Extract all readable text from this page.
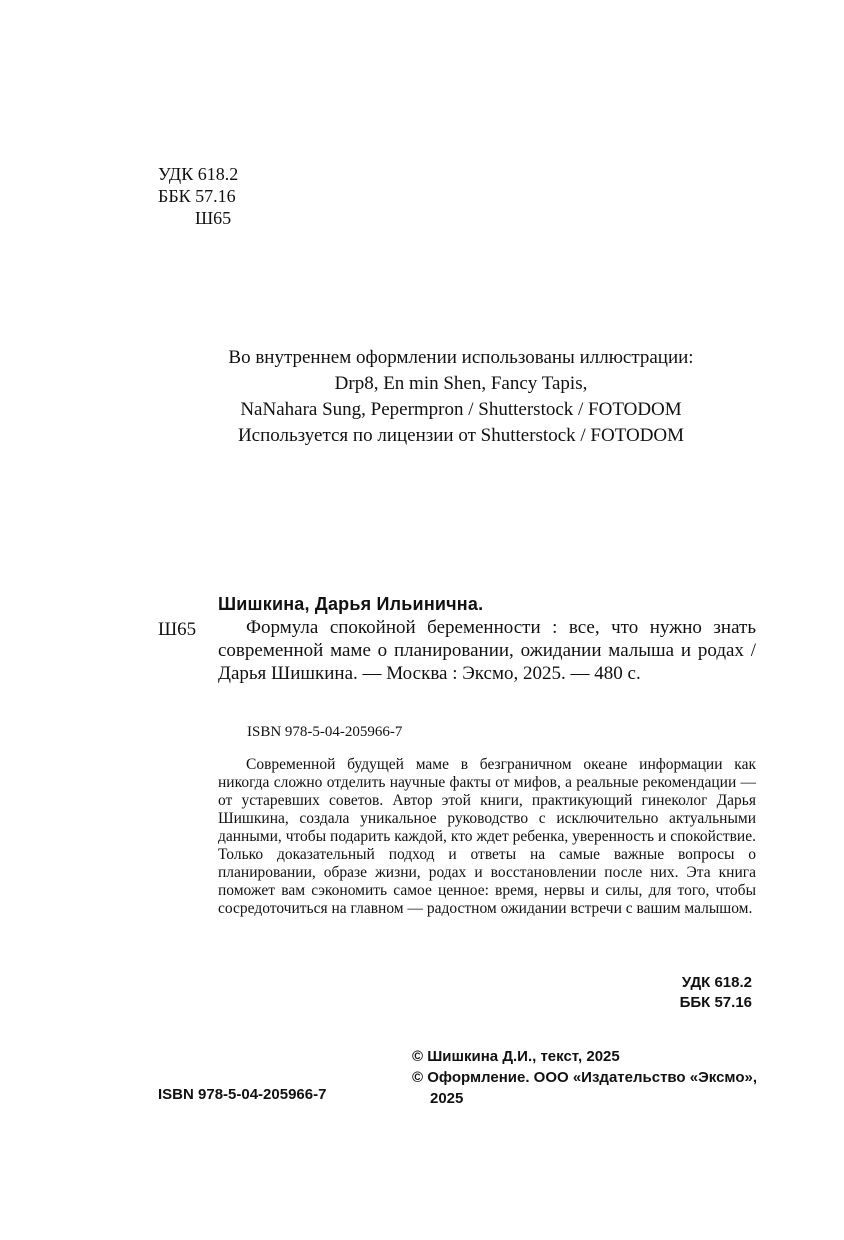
УДК 618.2
ББК 57.16
Ш65
Во внутреннем оформлении использованы иллюстрации:
Drp8, En min Shen, Fancy Tapis,
NaNahara Sung, Pepermpron / Shutterstock / FOTODOM
Используется по лицензии от Shutterstock / FOTODOM
Шишкина, Дарья Ильинична.
Ш65	Формула спокойной беременности : все, что нужно знать современной маме о планировании, ожидании малыша и родах / Дарья Шишкина. — Москва : Эксмо, 2025. — 480 с.
ISBN 978-5-04-205966-7
Современной будущей маме в безграничном океане информации как никогда сложно отделить научные факты от мифов, а реальные рекомендации — от устаревших советов. Автор этой книги, практикующий гинеколог Дарья Шишкина, создала уникальное руководство с исключительно актуальными данными, чтобы подарить каждой, кто ждет ребенка, уверенность и спокойствие. Только доказательный подход и ответы на самые важные вопросы о планировании, образе жизни, родах и восстановлении после них. Эта книга поможет вам сэкономить самое ценное: время, нервы и силы, для того, чтобы сосредоточиться на главном — радостном ожидании встречи с вашим малышом.
УДК 618.2
ББК 57.16
ISBN 978-5-04-205966-7
© Шишкина Д.И., текст, 2025
© Оформление. ООО «Издательство «Эксмо»,
2025
